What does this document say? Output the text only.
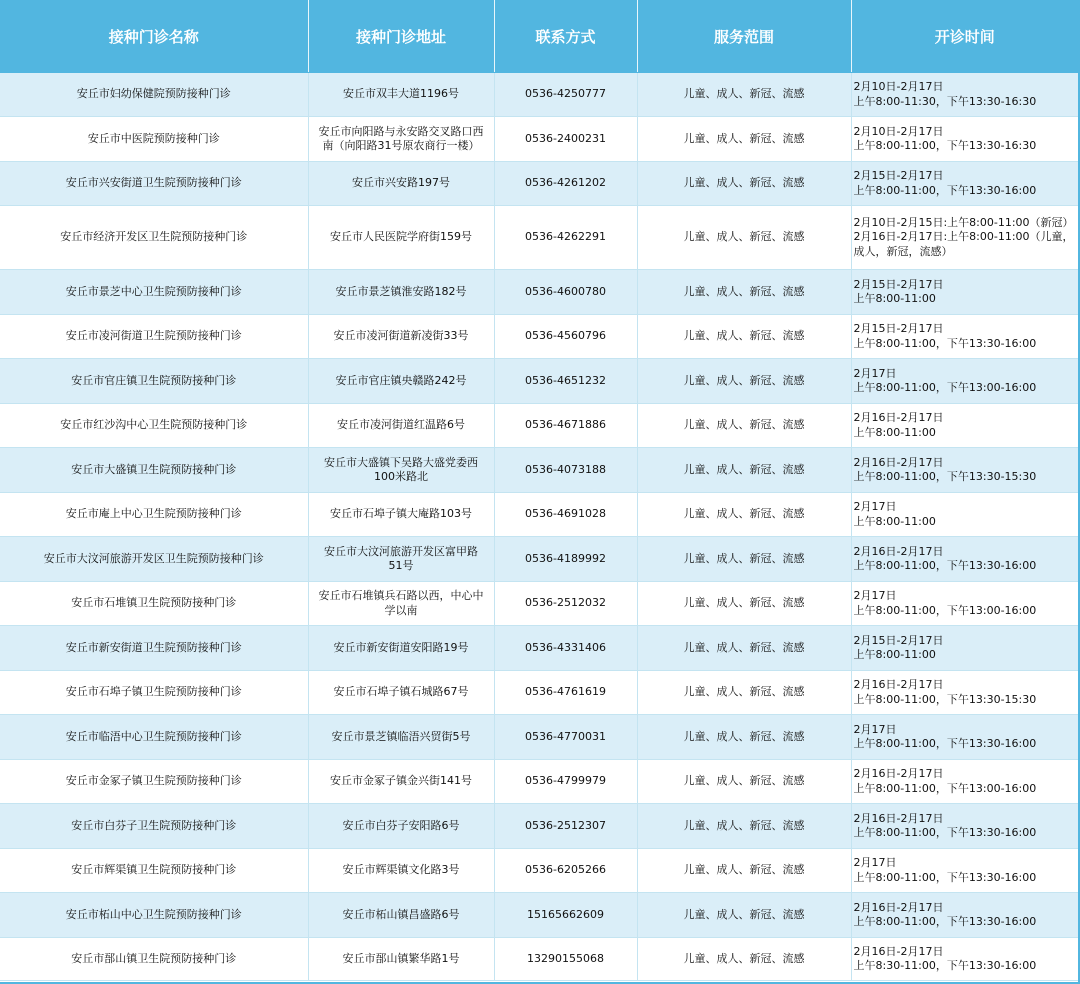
接种门诊名称	接种门诊地址	联系方式	服务范围	开诊时间
安丘市妇幼保健院预防接种门诊	安丘市双丰大道1196号	0536-4250777	儿童、成人、新冠、流感	2月10日-2月17日
上午8:00-11:30，下午13:30-16:30

安丘市中医院预防接种门诊	安丘市向阳路与永安路交叉路口西南（向阳路31号原农商行一楼）	0536-2400231	儿童、成人、新冠、流感	2月10日-2月17日
上午8:00-11:00，下午13:30-16:30

安丘市兴安街道卫生院预防接种门诊	安丘市兴安路197号	0536-4261202	儿童、成人、新冠、流感	2月15日-2月17日
上午8:00-11:00，下午13:30-16:00

安丘市经济开发区卫生院预防接种门诊	安丘市人民医院学府街159号	0536-4262291	儿童、成人、新冠、流感	2月10日-2月15日:上午8:00-11:00（新冠）
2月16日-2月17日:上午8:00-11:00（儿童，成人，新冠，流感）

安丘市景芝中心卫生院预防接种门诊	安丘市景芝镇淮安路182号	0536-4600780	儿童、成人、新冠、流感	2月15日-2月17日
上午8:00-11:00

安丘市凌河街道卫生院预防接种门诊	安丘市凌河街道新凌街33号	0536-4560796	儿童、成人、新冠、流感	2月15日-2月17日
上午8:00-11:00，下午13:30-16:00

安丘市官庄镇卫生院预防接种门诊	安丘市官庄镇央赣路242号	0536-4651232	儿童、成人、新冠、流感	2月17日
上午8:00-11:00，下午13:00-16:00

安丘市红沙沟中心卫生院预防接种门诊	安丘市凌河街道红温路6号	0536-4671886	儿童、成人、新冠、流感	2月16日-2月17日
上午8:00-11:00

安丘市大盛镇卫生院预防接种门诊	安丘市大盛镇下吴路大盛党委西100米路北	0536-4073188	儿童、成人、新冠、流感	2月16日-2月17日
上午8:00-11:00，下午13:30-15:30

安丘市庵上中心卫生院预防接种门诊	安丘市石埠子镇大庵路103号	0536-4691028	儿童、成人、新冠、流感	2月17日
上午8:00-11:00

安丘市大汶河旅游开发区卫生院预防接种门诊	安丘市大汶河旅游开发区富甲路51号	0536-4189992	儿童、成人、新冠、流感	2月16日-2月17日
上午8:00-11:00，下午13:30-16:00

安丘市石堆镇卫生院预防接种门诊	安丘市石堆镇兵石路以西，中心中学以南	0536-2512032	儿童、成人、新冠、流感	2月17日
上午8:00-11:00，下午13:00-16:00

安丘市新安街道卫生院预防接种门诊	安丘市新安街道安阳路19号	0536-4331406	儿童、成人、新冠、流感	2月15日-2月17日
上午8:00-11:00

安丘市石埠子镇卫生院预防接种门诊	安丘市石埠子镇石城路67号	0536-4761619	儿童、成人、新冠、流感	2月16日-2月17日
上午8:00-11:00，下午13:30-15:30

安丘市临浯中心卫生院预防接种门诊	安丘市景芝镇临浯兴贸街5号	0536-4770031	儿童、成人、新冠、流感	2月17日
上午8:00-11:00，下午13:30-16:00

安丘市金冢子镇卫生院预防接种门诊	安丘市金冢子镇金兴街141号	0536-4799979	儿童、成人、新冠、流感	2月16日-2月17日
上午8:00-11:00，下午13:00-16:00

安丘市白芬子卫生院预防接种门诊	安丘市白芬子安阳路6号	0536-2512307	儿童、成人、新冠、流感	2月16日-2月17日
上午8:00-11:00，下午13:30-16:00

安丘市辉渠镇卫生院预防接种门诊	安丘市辉渠镇文化路3号	0536-6205266	儿童、成人、新冠、流感	2月17日
上午8:00-11:00，下午13:30-16:00

安丘市柘山中心卫生院预防接种门诊	安丘市柘山镇昌盛路6号	15165662609	儿童、成人、新冠、流感	2月16日-2月17日
上午8:00-11:00，下午13:30-16:00

安丘市郚山镇卫生院预防接种门诊	安丘市郚山镇繁华路1号	13290155068	儿童、成人、新冠、流感	2月16日-2月17日
上午8:30-11:00，下午13:30-16:00
